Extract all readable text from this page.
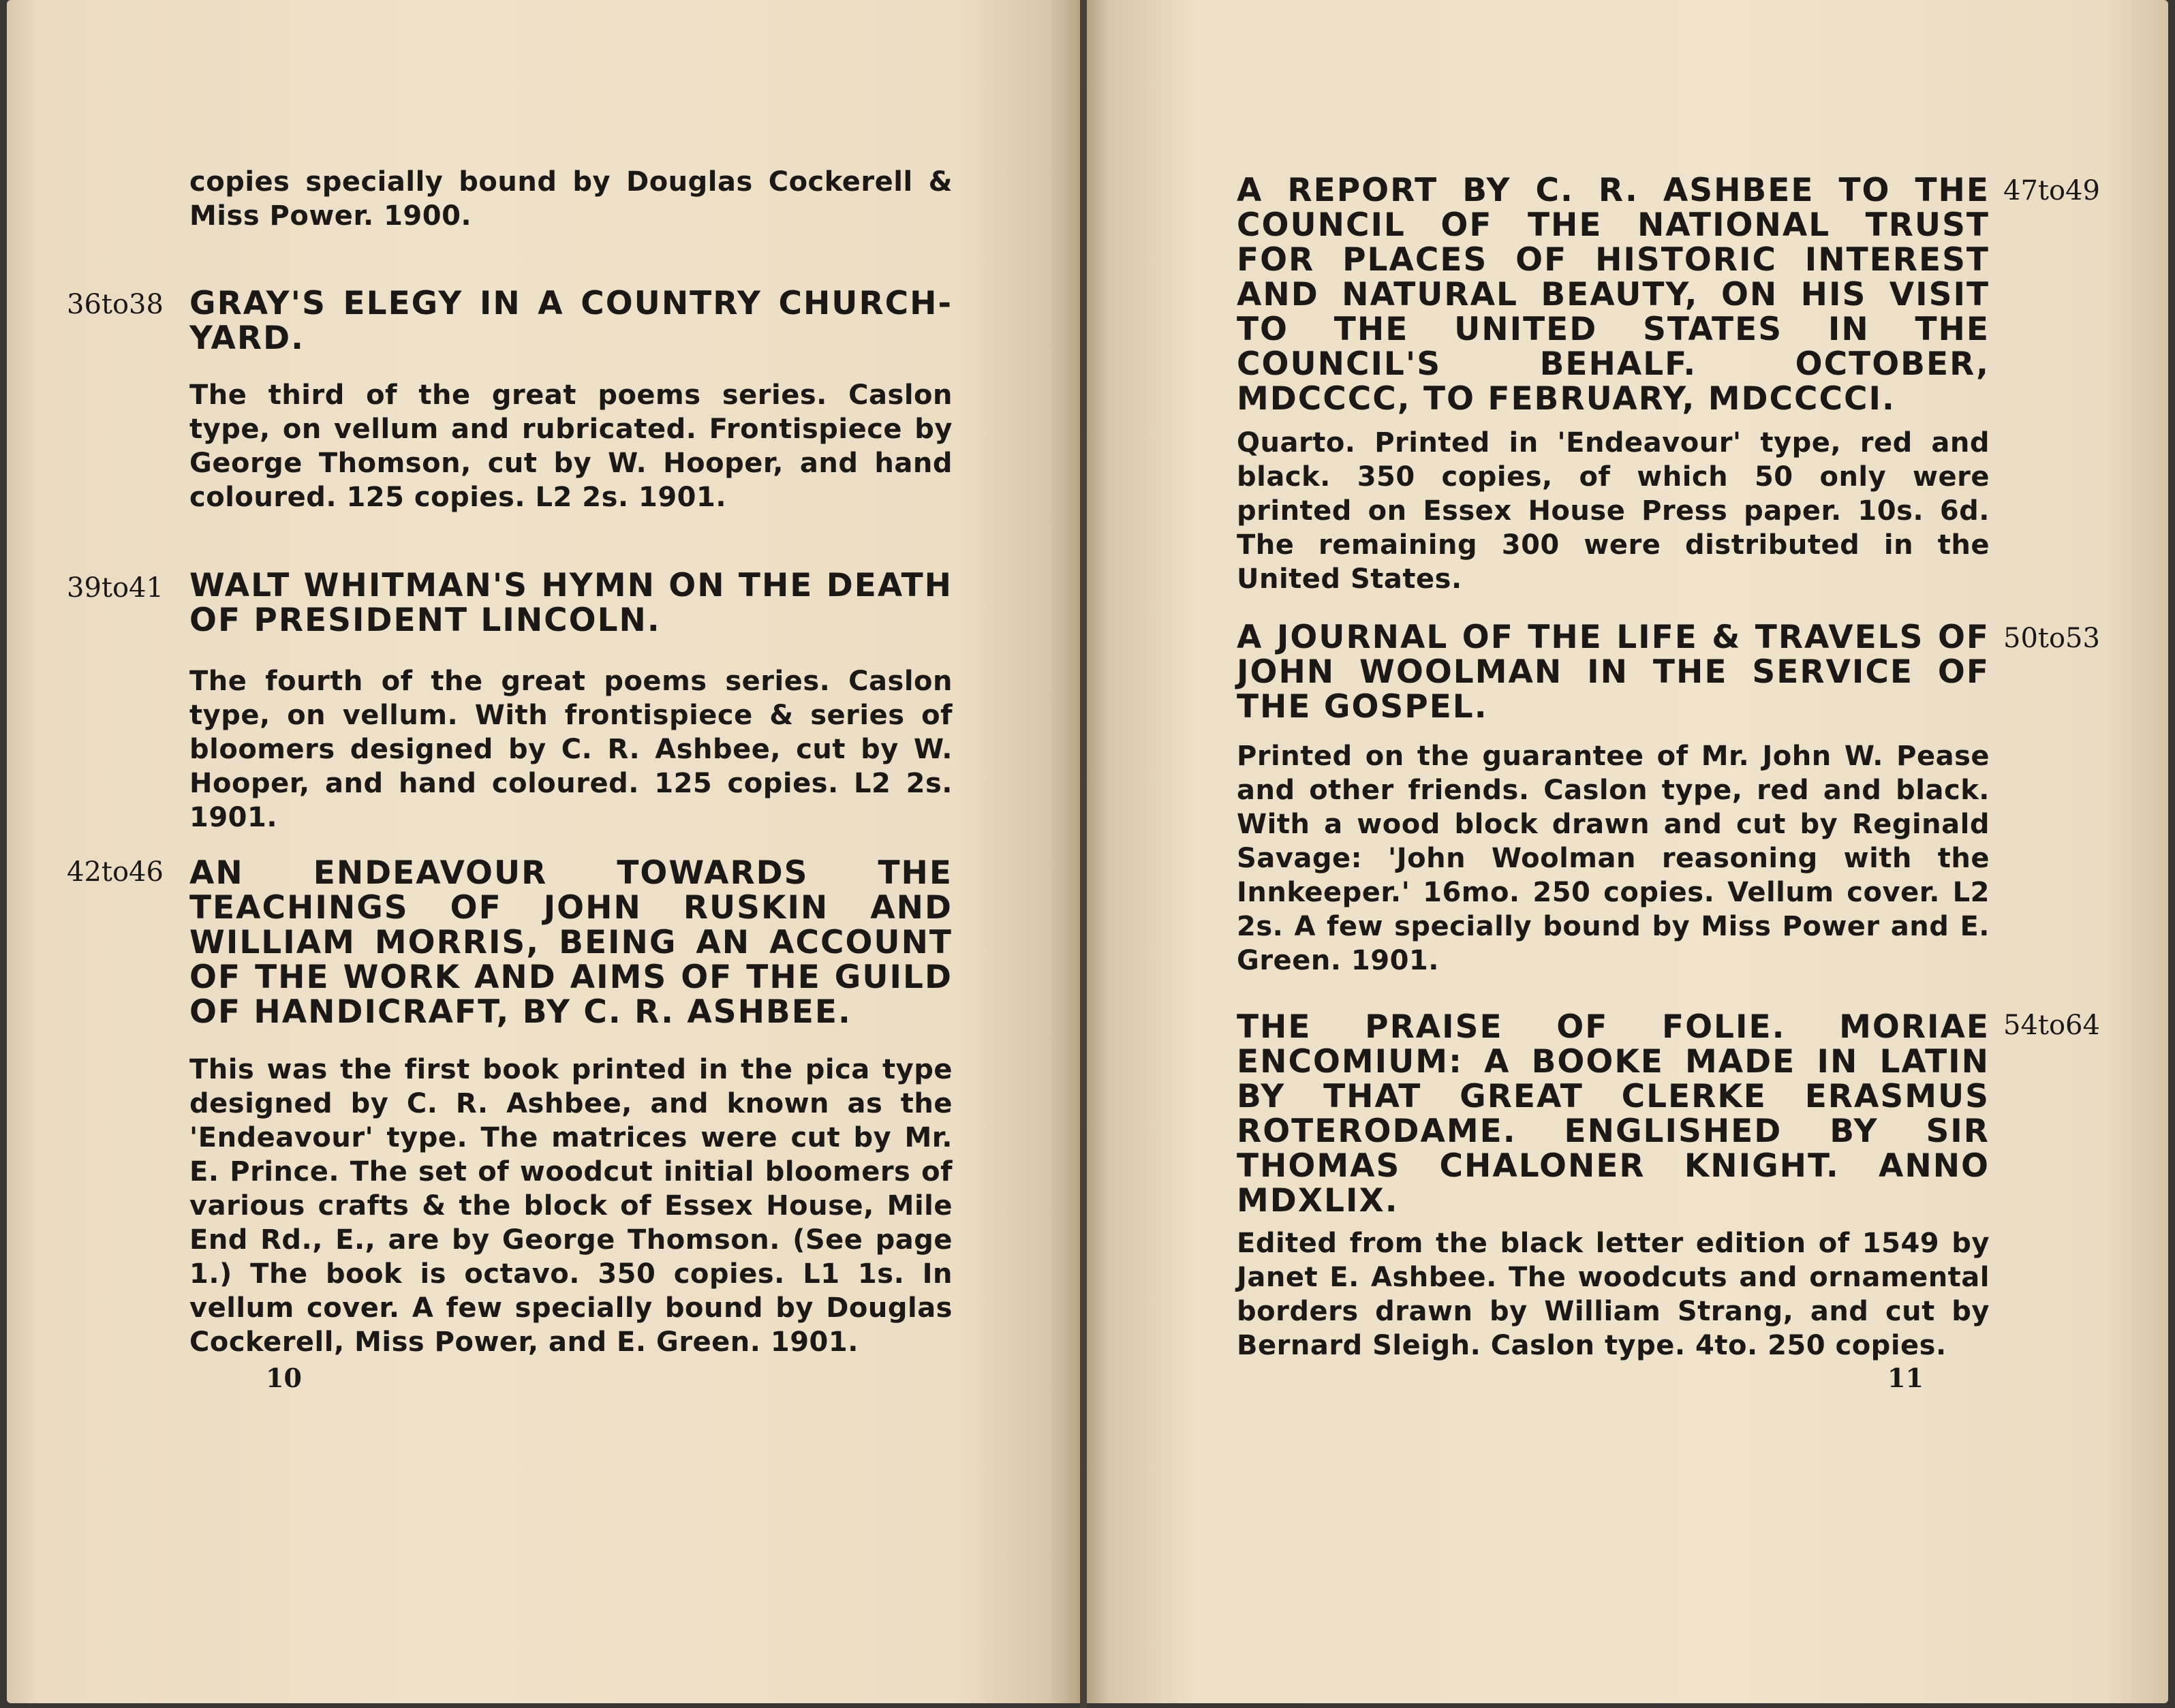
copies specially bound by Douglas Cockerell & Miss Power. 1900.

36to38 GRAY'S ELEGY IN A COUNTRY CHURCH-YARD.

The third of the great poems series. Caslon type, on vellum and rubricated. Frontispiece by George Thomson, cut by W. Hooper, and hand coloured. 125 copies. L2 2s. 1901.

39to41 WALT WHITMAN'S HYMN ON THE DEATH OF PRESIDENT LINCOLN.

The fourth of the great poems series. Caslon type, on vellum. With frontispiece & series of bloomers designed by C. R. Ashbee, cut by W. Hooper, and hand coloured. 125 copies. L2 2s. 1901.

42to46 AN ENDEAVOUR TOWARDS THE TEACHINGS OF JOHN RUSKIN AND WILLIAM MORRIS, BEING AN ACCOUNT OF THE WORK AND AIMS OF THE GUILD OF HANDICRAFT, BY C. R. ASHBEE.

This was the first book printed in the pica type designed by C. R. Ashbee, and known as the 'Endeavour' type. The matrices were cut by Mr. E. Prince. The set of woodcut initial bloomers of various crafts & the block of Essex House, Mile End Rd., E., are by George Thomson. (See page 1.) The book is octavo. 350 copies. L1 1s. In vellum cover. A few specially bound by Douglas Cockerell, Miss Power, and E. Green. 1901.

10
47to49

A REPORT BY C. R. ASHBEE TO THE COUNCIL OF THE NATIONAL TRUST FOR PLACES OF HISTORIC INTEREST AND NATURAL BEAUTY, ON HIS VISIT TO THE UNITED STATES IN THE COUNCIL'S BEHALF. OCTOBER, MDCCCC, TO FEBRUARY, MDCCCCI.

Quarto. Printed in 'Endeavour' type, red and black. 350 copies, of which 50 only were printed on Essex House Press paper. 10s. 6d. The remaining 300 were distributed in the United States.

50to53

A JOURNAL OF THE LIFE & TRAVELS OF JOHN WOOLMAN IN THE SERVICE OF THE GOSPEL.

Printed on the guarantee of Mr. John W. Pease and other friends. Caslon type, red and black. With a wood block drawn and cut by Reginald Savage: 'John Woolman reasoning with the Innkeeper.' 16mo. 250 copies. Vellum cover. L2 2s. A few specially bound by Miss Power and E. Green. 1901.

54to64

THE PRAISE OF FOLIE. MORIAE ENCOMIUM: A BOOKE MADE IN LATIN BY THAT GREAT CLERKE ERASMUS ROTERODAME. ENGLISHED BY SIR THOMAS CHALONER KNIGHT. ANNO MDXLIX.

Edited from the black letter edition of 1549 by Janet E. Ashbee. The woodcuts and ornamental borders drawn by William Strang, and cut by Bernard Sleigh. Caslon type. 4to. 250 copies.

11
